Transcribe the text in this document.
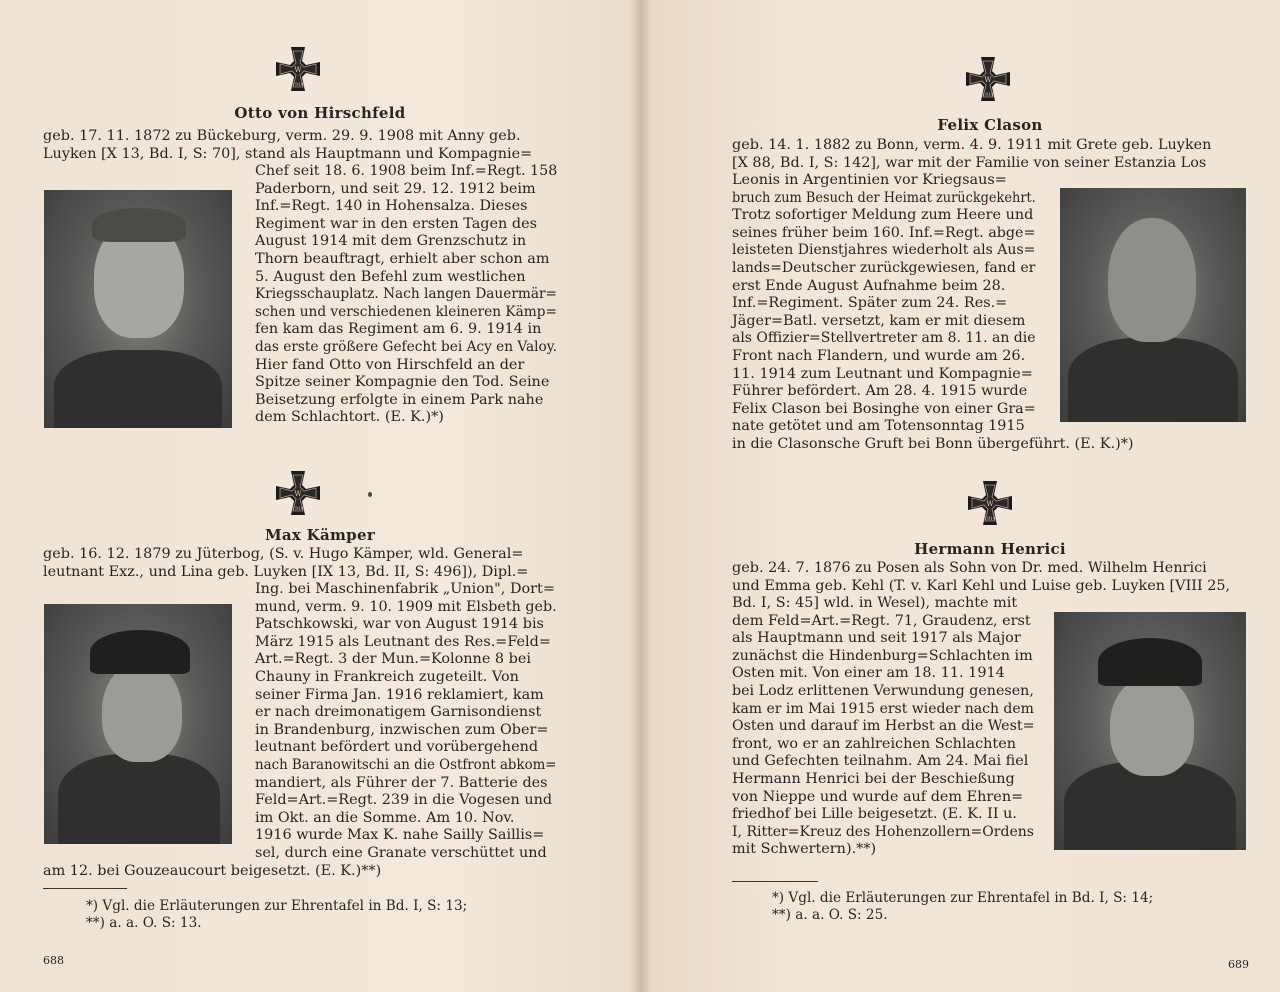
W
1914
Otto von Hirschfeld
geb. 17. 11. 1872 zu Bückeburg, verm. 29. 9. 1908 mit Anny geb.
Luyken [X 13, Bd. I, S: 70], stand als Hauptmann und Kompagnie=
Chef seit 18. 6. 1908 beim Inf.=Regt. 158
Paderborn, und seit 29. 12. 1912 beim
Inf.=Regt. 140 in Hohensalza. Dieses
Regiment war in den ersten Tagen des
August 1914 mit dem Grenzschutz in
Thorn beauftragt, erhielt aber schon am
5. August den Befehl zum westlichen
Kriegsschauplatz. Nach langen Dauermär=
schen und verschiedenen kleineren Kämp=
fen kam das Regiment am 6. 9. 1914 in
das erste größere Gefecht bei Acy en Valoy.
Hier fand Otto von Hirschfeld an der
Spitze seiner Kompagnie den Tod. Seine
Beisetzung erfolgte in einem Park nahe
dem Schlachtort. (E. K.)*)
W
1914
Max Kämper
geb. 16. 12. 1879 zu Jüterbog, (S. v. Hugo Kämper, wld. General=
leutnant Exz., und Lina geb. Luyken [IX 13, Bd. II, S: 496]), Dipl.=
Ing. bei Maschinenfabrik „Union", Dort=
mund, verm. 9. 10. 1909 mit Elsbeth geb.
Patschkowski, war von August 1914 bis
März 1915 als Leutnant des Res.=Feld=
Art.=Regt. 3 der Mun.=Kolonne 8 bei
Chauny in Frankreich zugeteilt. Von
seiner Firma Jan. 1916 reklamiert, kam
er nach dreimonatigem Garnisondienst
in Brandenburg, inzwischen zum Ober=
leutnant befördert und vorübergehend
nach Baranowitschi an die Ostfront abkom=
mandiert, als Führer der 7. Batterie des
Feld=Art.=Regt. 239 in die Vogesen und
im Okt. an die Somme. Am 10. Nov.
1916 wurde Max K. nahe Sailly Saillis=
sel, durch eine Granate verschüttet und
am 12. bei Gouzeaucourt beigesetzt. (E. K.)**)
*) Vgl. die Erläuterungen zur Ehrentafel in Bd. I, S: 13;
**) a. a. O. S: 13.
688
W
1914
Felix Clason
geb. 14. 1. 1882 zu Bonn, verm. 4. 9. 1911 mit Grete geb. Luyken
[X 88, Bd. I, S: 142], war mit der Familie von seiner Estanzia Los
Leonis in Argentinien vor Kriegsaus=
bruch zum Besuch der Heimat zurückgekehrt.
Trotz sofortiger Meldung zum Heere und
seines früher beim 160. Inf.=Regt. abge=
leisteten Dienstjahres wiederholt als Aus=
lands=Deutscher zurückgewiesen, fand er
erst Ende August Aufnahme beim 28.
Inf.=Regiment. Später zum 24. Res.=
Jäger=Batl. versetzt, kam er mit diesem
als Offizier=Stellvertreter am 8. 11. an die
Front nach Flandern, und wurde am 26.
11. 1914 zum Leutnant und Kompagnie=
Führer befördert. Am 28. 4. 1915 wurde
Felix Clason bei Bosinghe von einer Gra=
nate getötet und am Totensonntag 1915
in die Clasonsche Gruft bei Bonn übergeführt. (E. K.)*)
W
1914
Hermann Henrici
geb. 24. 7. 1876 zu Posen als Sohn von Dr. med. Wilhelm Henrici
und Emma geb. Kehl (T. v. Karl Kehl und Luise geb. Luyken [VIII 25,
Bd. I, S: 45] wld. in Wesel), machte mit
dem Feld=Art.=Regt. 71, Graudenz, erst
als Hauptmann und seit 1917 als Major
zunächst die Hindenburg=Schlachten im
Osten mit. Von einer am 18. 11. 1914
bei Lodz erlittenen Verwundung genesen,
kam er im Mai 1915 erst wieder nach dem
Osten und darauf im Herbst an die West=
front, wo er an zahlreichen Schlachten
und Gefechten teilnahm. Am 24. Mai fiel
Hermann Henrici bei der Beschießung
von Nieppe und wurde auf dem Ehren=
friedhof bei Lille beigesetzt. (E. K. II u.
I, Ritter=Kreuz des Hohenzollern=Ordens
mit Schwertern).**)
*) Vgl. die Erläuterungen zur Ehrentafel in Bd. I, S: 14;
**) a. a. O. S: 25.
689
